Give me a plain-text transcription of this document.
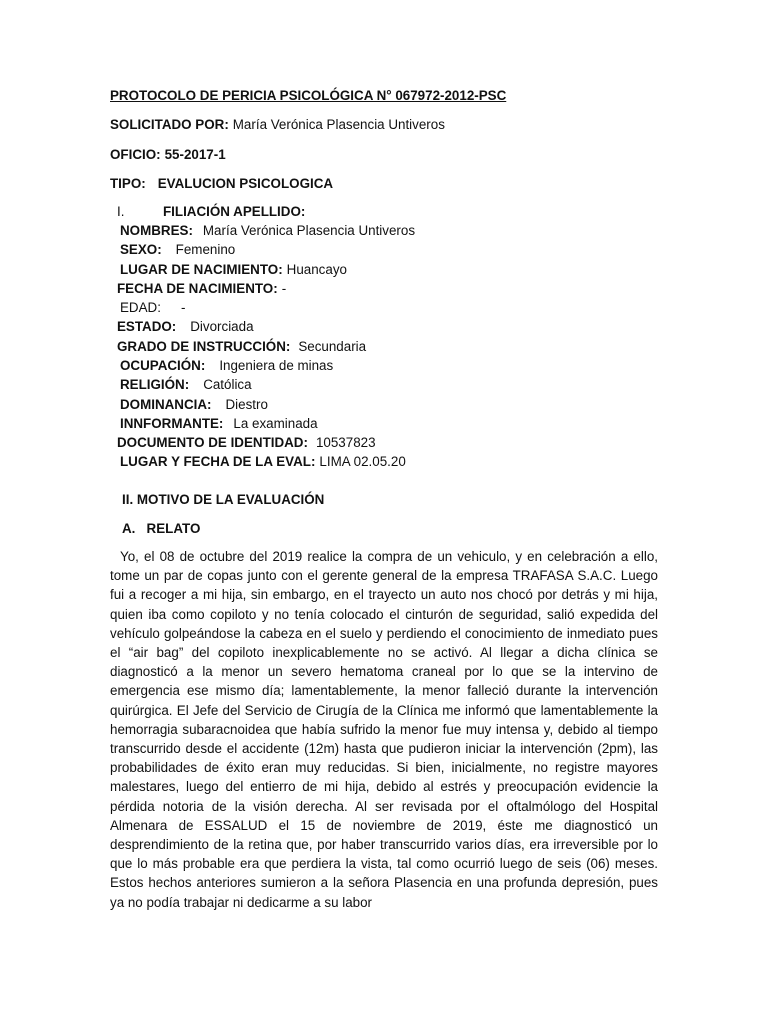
PROTOCOLO DE PERICIA PSICOLÓGICA N° 067972-2012-PSC
SOLICITADO POR: María Verónica Plasencia Untiveros
OFICIO: 55-2017-1
TIPO: EVALUCION PSICOLOGICA
I.	FILIACIÓN APELLIDO:
NOMBRES: María Verónica Plasencia Untiveros
SEXO: Femenino
LUGAR DE NACIMIENTO: Huancayo
FECHA DE NACIMIENTO: -
EDAD: -
ESTADO: Divorciada
GRADO DE INSTRUCCIÓN: Secundaria
OCUPACIÓN: Ingeniera de minas
RELIGIÓN: Católica
DOMINANCIA: Diestro
INNFORMANTE: La examinada
DOCUMENTO DE IDENTIDAD: 10537823
LUGAR Y FECHA DE LA EVAL: LIMA 02.05.20
II. MOTIVO DE LA EVALUACIÓN
A.   RELATO

Yo, el 08 de octubre del 2019 realice la compra de un vehiculo, y en celebración a ello, tome un par de copas junto con el gerente general de la empresa TRAFASA S.A.C. Luego fui a recoger a mi hija, sin embargo, en el trayecto un auto nos chocó por detrás y mi hija, quien iba como copiloto y no tenía colocado el cinturón de seguridad, salió expedida del vehículo golpeándose la cabeza en el suelo y perdiendo el conocimiento de inmediato pues el “air bag” del copiloto inexplicablemente no se activó. Al llegar a dicha clínica se diagnosticó a la menor un severo hematoma craneal por lo que se la intervino de emergencia ese mismo día; lamentablemente, la menor falleció durante la intervención quirúrgica. El Jefe del Servicio de Cirugía de la Clínica me informó que lamentablemente la hemorragia subaracnoidea que había sufrido la menor fue muy intensa y, debido al tiempo transcurrido desde el accidente (12m) hasta que pudieron iniciar la intervención (2pm), las probabilidades de éxito eran muy reducidas. Si bien, inicialmente, no registre mayores malestares, luego del entierro de mi hija, debido al estrés y preocupación evidencie la pérdida notoria de la visión derecha. Al ser revisada por el oftalmólogo del Hospital Almenara de ESSALUD el 15 de noviembre de 2019, éste me diagnosticó un desprendimiento de la retina que, por haber transcurrido varios días, era irreversible por lo que lo más probable era que perdiera la vista, tal como ocurrió luego de seis (06) meses. Estos hechos anteriores sumieron a la señora Plasencia en una profunda depresión, pues ya no podía trabajar ni dedicarme a su labor
